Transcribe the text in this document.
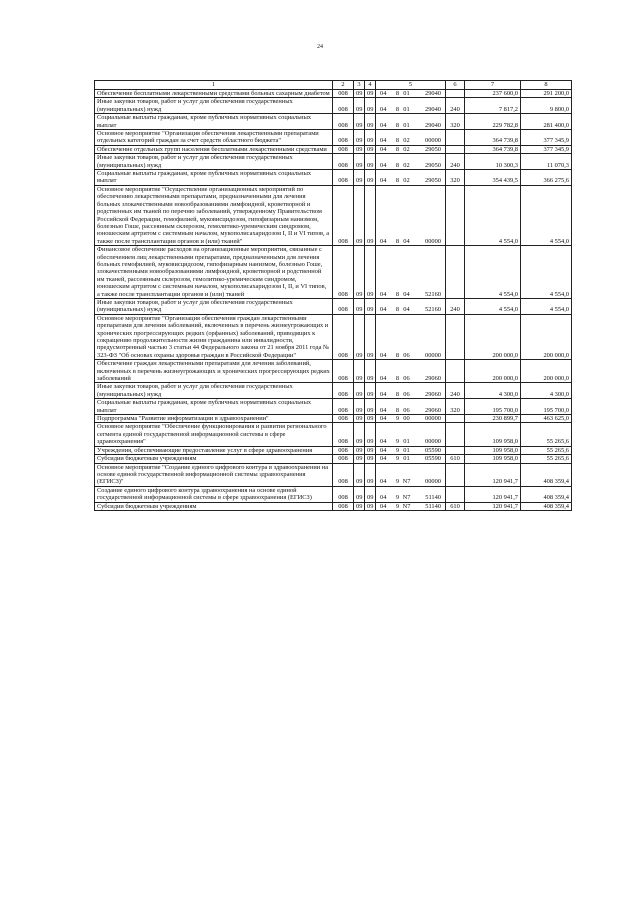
24
1	2	3	4	5	6	7	8
Обеспечение бесплатными лекарственными средствами больных сахарным диабетом	008	09	09	04 8 01 29040		237 600,0	291 200,0
Иные закупки товаров, работ и услуг для обеспечения государственных (муниципальных) нужд	008	09	09	04 8 01 29040	240	7 817,2	9 800,0
Социальные выплаты гражданам, кроме публичных нормативных социальных выплат	008	09	09	04 8 01 29040	320	229 782,8	281 400,0
Основное мероприятие "Организация обеспечения лекарственными препаратами отдельных категорий граждан за счет средств областного бюджета"	008	09	09	04 8 02 00000		364 739,8	377 345,9
Обеспечение отдельных групп населения бесплатными лекарственными средствами	008	09	09	04 8 02 29050		364 739,8	377 345,9
Иные закупки товаров, работ и услуг для обеспечения государственных (муниципальных) нужд	008	09	09	04 8 02 29050	240	10 300,3	11 070,3
Социальные выплаты гражданам, кроме публичных нормативных социальных выплат	008	09	09	04 8 02 29050	320	354 439,5	366 275,6
Основное мероприятие "Осуществление организационных мероприятий по обеспечению лекарственными препаратами, предназначенными для лечения больных злокачественными новообразованиями лимфоидной, кроветворной и родственных им тканей по перечню заболеваний, утвержденному Правительством Российской Федерации, гемофилией, муковисцидозом, гипофизарным нанизмом, болезнью Гоше, рассеянным склерозом, гемолитико-уремическим синдромом, юношеским артритом с системным началом, мукополисахаридозом I, II и VI типов, а также после трансплантации органов и (или) тканей"	008	09	09	04 8 04 00000		4 554,0	4 554,0
Финансовое обеспечение расходов на организационные мероприятия, связанные с обеспечением лиц лекарственными препаратами, предназначенными для лечения больных гемофилией, муковисцидозом, гипофизарным нанизмом, болезнью Гоше, злокачественными новообразованиями лимфоидной, кроветворной и родственной им тканей, рассеянным склерозом, гемолитико-уремическим синдромом, юношеским артритом с системным началом, мукополисахаридозом I, II, и VI типов, а также после трансплантации органов и (или) тканей	008	09	09	04 8 04 52160		4 554,0	4 554,0
Иные закупки товаров, работ и услуг для обеспечения государственных (муниципальных) нужд	008	09	09	04 8 04 52160	240	4 554,0	4 554,0
Основное мероприятие "Организация обеспечения граждан лекарственными препаратами для лечения заболеваний, включенных в перечень жизнеугрожающих и хронических прогрессирующих редких (орфанных) заболеваний, приводящих к сокращению продолжительности жизни гражданина или инвалидности, предусмотренный частью 3 статьи 44 Федерального закона от 21 ноября 2011 года № 323-ФЗ "Об основах охраны здоровья граждан в Российской Федерации"	008	09	09	04 8 06 00000		200 000,0	200 000,0
Обеспечение граждан лекарственными препаратами для лечения заболеваний, включенных в перечень жизнеугрожающих и хронических прогрессирующих редких заболеваний	008	09	09	04 8 06 29060		200 000,0	200 000,0
Иные закупки товаров, работ и услуг для обеспечения государственных (муниципальных) нужд	008	09	09	04 8 06 29060	240	4 300,0	4 300,0
Социальные выплаты гражданам, кроме публичных нормативных социальных выплат	008	09	09	04 8 06 29060	320	195 700,0	195 700,0
Подпрограмма "Развитие информатизации в здравоохранении"	008	09	09	04 9 00 00000		230 899,7	463 625,0
Основное мероприятие "Обеспечение функционирования и развития регионального сегмента единой государственной информационной системы в сфере здравоохранения"	008	09	09	04 9 01 00000		109 958,0	55 265,6
Учреждения, обеспечивающие предоставление услуг в сфере здравоохранения	008	09	09	04 9 01 05590		109 958,0	55 265,6
Субсидии бюджетным учреждениям	008	09	09	04 9 01 05590	610	109 958,0	55 265,6
Основное мероприятие "Создание единого цифрового контура в здравоохранении на основе единой государственной информационной системы здравоохранения (ЕГИСЗ)"	008	09	09	04 9 N7 00000		120 941,7	408 359,4
Создание единого цифрового контура здравоохранения на основе единой государственной информационной системы в сфере здравоохранения (ЕГИСЗ)	008	09	09	04 9 N7 51140		120 941,7	408 359,4
Субсидии бюджетным учреждениям	008	09	09	04 9 N7 51140	610	120 941,7	408 359,4
